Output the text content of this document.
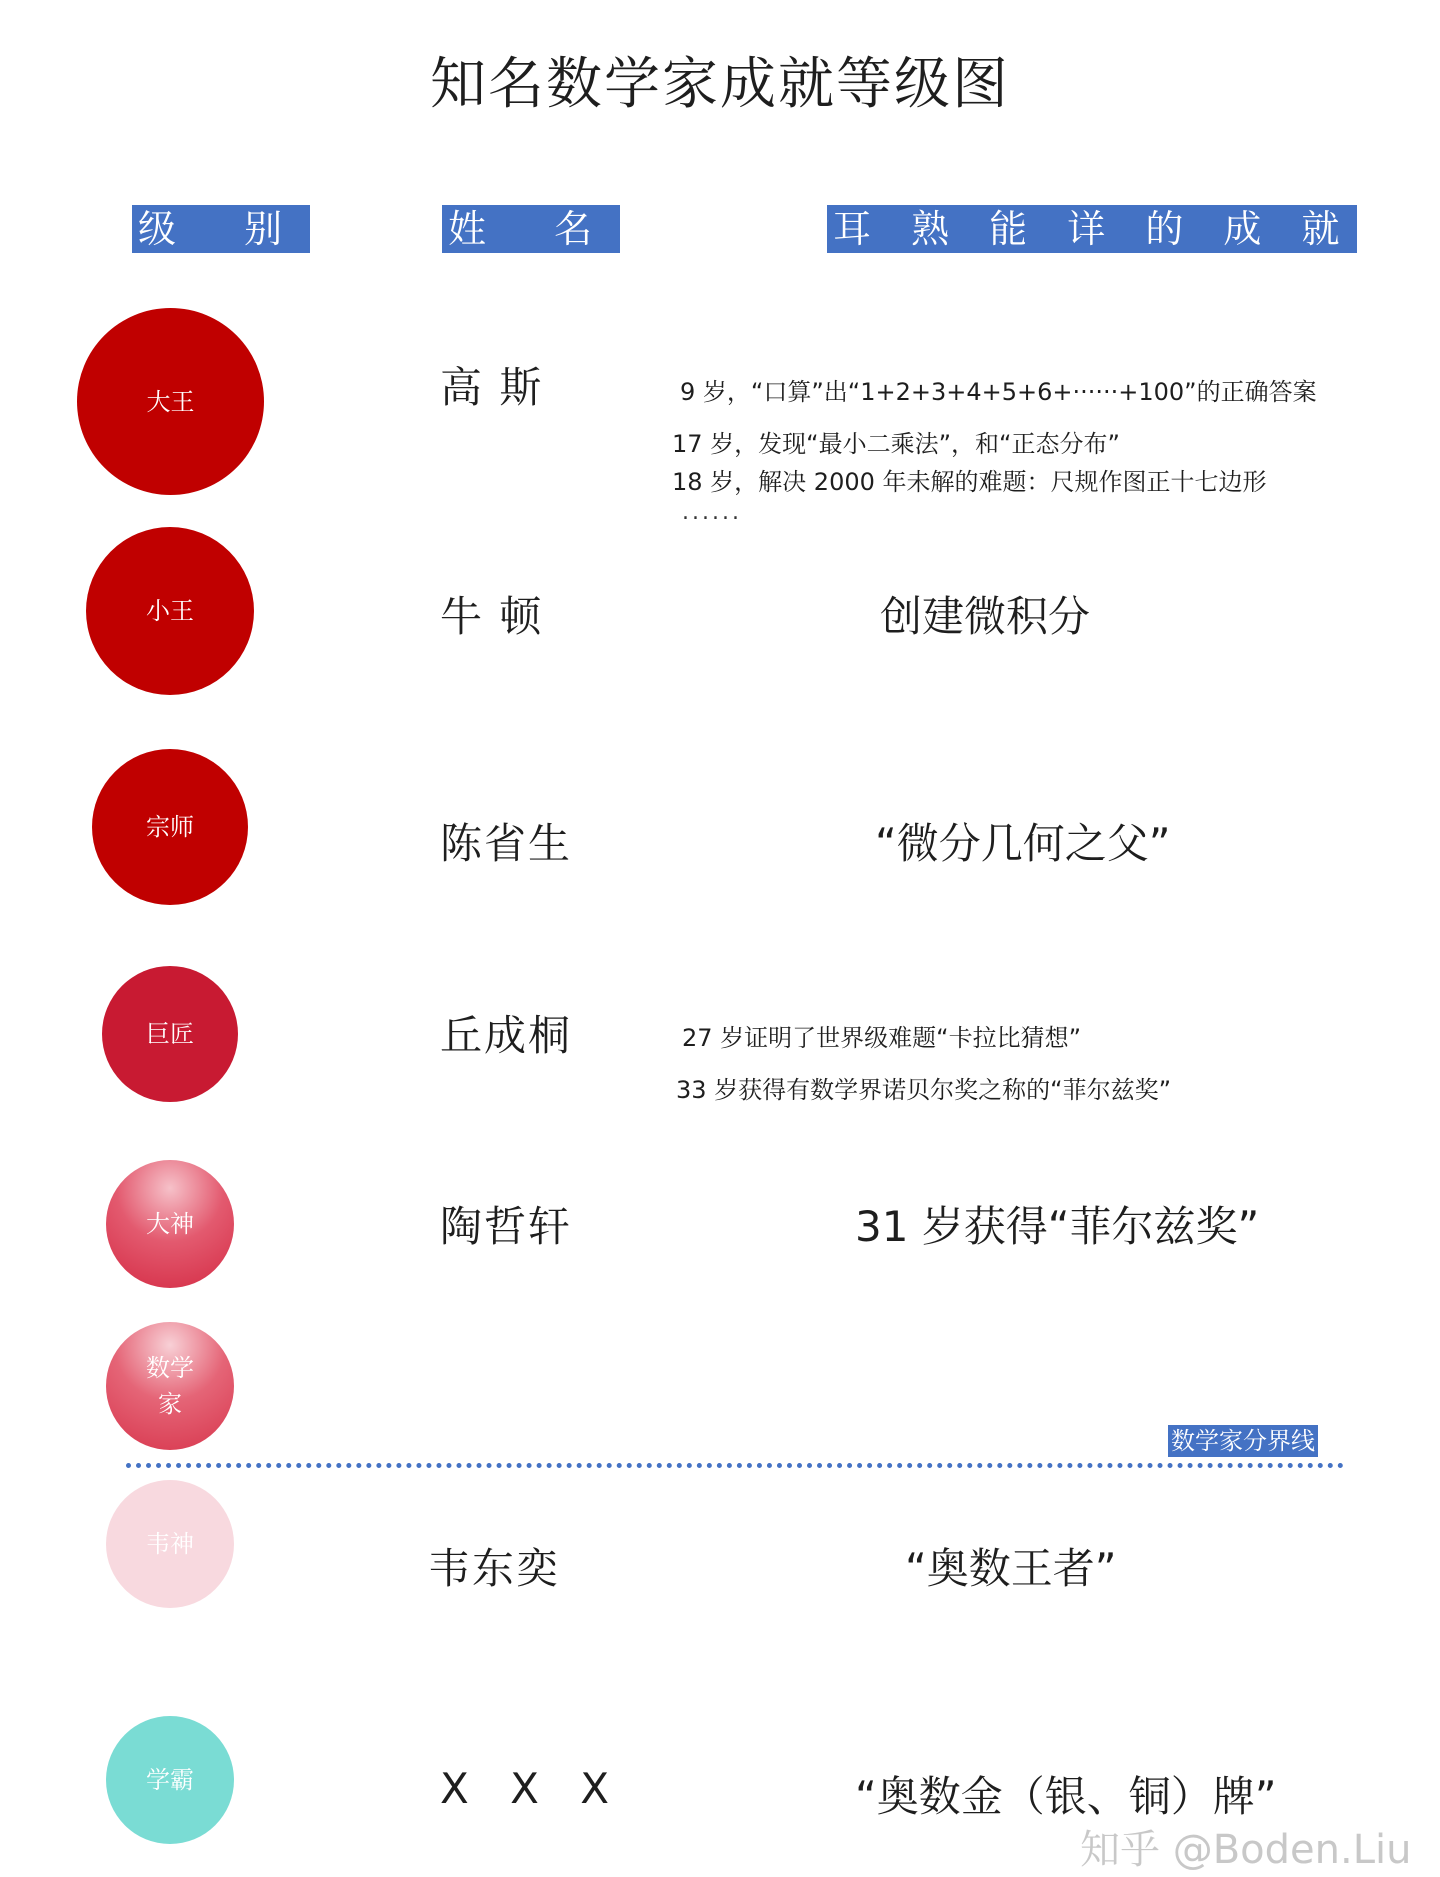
知名数学家成就等级图
级 别	姓 名	耳 熟 能 详 的 成 就
大王	高 斯	9 岁，“口算”出“1+2+3+4+5+6+······+100”的正确答案
17 岁，发现“最小二乘法”，和“正态分布”
18 岁，解决 2000 年未解的难题：尺规作图正十七边形
......
小王	牛 顿	创建微积分
宗师	陈省生	“微分几何之父”
巨匠	丘成桐	27 岁证明了世界级难题“卡拉比猜想”
33 岁获得有数学界诺贝尔奖之称的“菲尔兹奖”
大神	陶哲轩	31 岁获得“菲尔兹奖”
数学
家
数学家分界线
韦神	韦东奕	“奥数王者”
学霸	X X X	“奥数金（银、铜）牌”
知乎 @Boden.Liu
